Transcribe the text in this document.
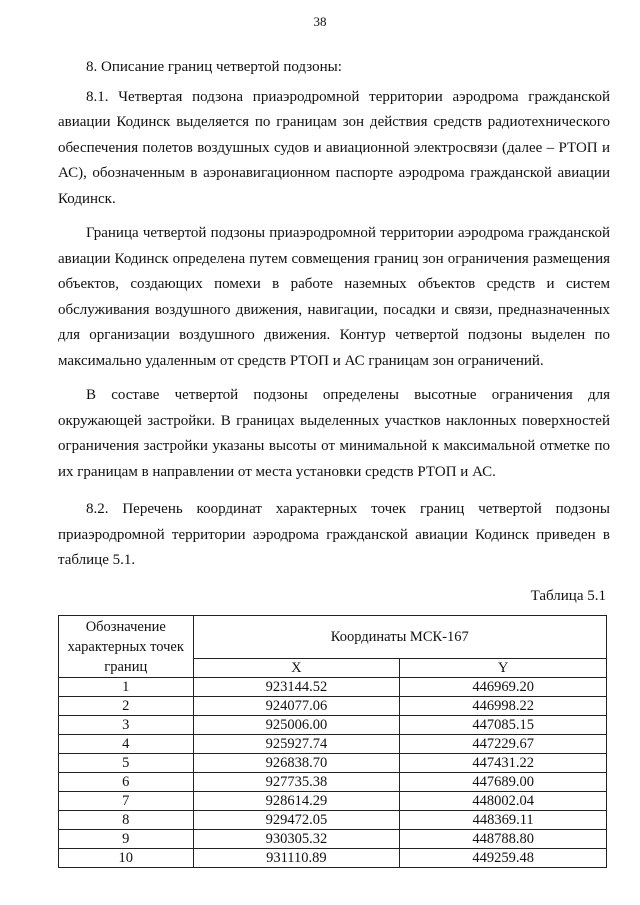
38

8. Описание границ четвертой подзоны:

8.1. Четвертая подзона приаэродромной территории аэродрома гражданской авиации Кодинск выделяется по границам зон действия средств радиотехнического обеспечения полетов воздушных судов и авиационной электросвязи (далее – РТОП и АС), обозначенным в аэронавигационном паспорте аэродрома гражданской авиации Кодинск.

Граница четвертой подзоны приаэродромной территории аэродрома гражданской авиации Кодинск определена путем совмещения границ зон ограничения размещения объектов, создающих помехи в работе наземных объектов средств и систем обслуживания воздушного движения, навигации, посадки и связи, предназначенных для организации воздушного движения. Контур четвертой подзоны выделен по максимально удаленным от средств РТОП и АС границам зон ограничений.

В составе четвертой подзоны определены высотные ограничения для окружающей застройки. В границах выделенных участков наклонных поверхностей ограничения застройки указаны высоты от минимальной к максимальной отметке по их границам в направлении от места установки средств РТОП и АС.

8.2. Перечень координат характерных точек границ четвертой подзоны приаэродромной территории аэродрома гражданской авиации Кодинск приведен в таблице 5.1.

Таблица 5.1
Обозначение характерных точек границ	Координаты МСК-167	
	X	Y
1	923144.52	446969.20
2	924077.06	446998.22
3	925006.00	447085.15
4	925927.74	447229.67
5	926838.70	447431.22
6	927735.38	447689.00
7	928614.29	448002.04
8	929472.05	448369.11
9	930305.32	448788.80
10	931110.89	449259.48
